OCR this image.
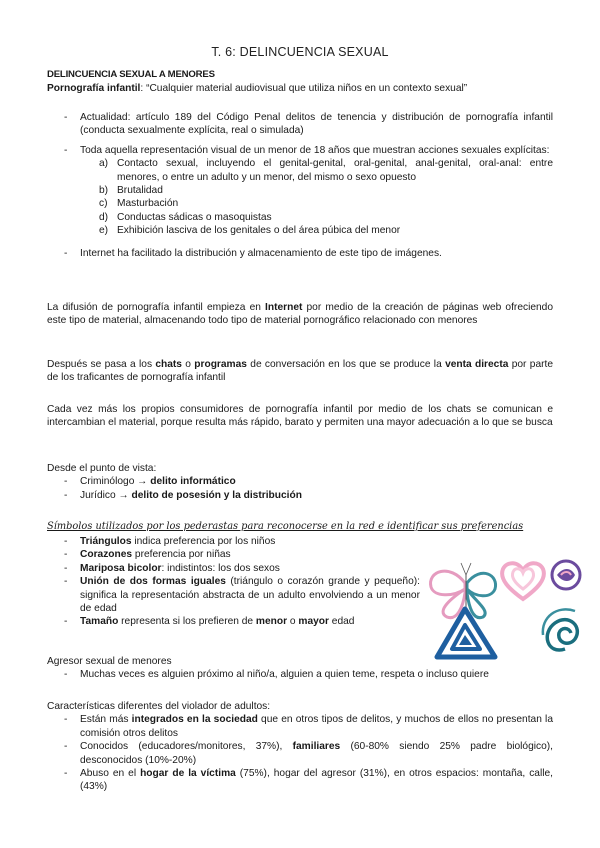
T. 6: DELINCUENCIA SEXUAL
DELINCUENCIA SEXUAL A MENORES
Pornografía infantil: “Cualquier material audiovisual que utiliza niños en un contexto sexual”
- Actualidad: artículo 189 del Código Penal delitos de tenencia y distribución de pornografía infantil (conducta sexualmente explícita, real o simulada)
- Toda aquella representación visual de un menor de 18 años que muestran acciones sexuales explícitas:
a) Contacto sexual, incluyendo el genital-genital, oral-genital, anal-genital, oral-anal: entre menores, o entre un adulto y un menor, del mismo o sexo opuesto
b) Brutalidad
c) Masturbación
d) Conductas sádicas o masoquistas
e) Exhibición lasciva de los genitales o del área púbica del menor
- Internet ha facilitado la distribución y almacenamiento de este tipo de imágenes.
La difusión de pornografía infantil empieza en Internet por medio de la creación de páginas web ofreciendo este tipo de material, almacenando todo tipo de material pornográfico relacionado con menores
Después se pasa a los chats o programas de conversación en los que se produce la venta directa por parte de los traficantes de pornografía infantil
Cada vez más los propios consumidores de pornografía infantil por medio de los chats se comunican e intercambian el material, porque resulta más rápido, barato y permiten una mayor adecuación a lo que se busca
Desde el punto de vista:
- Criminólogo → delito informático
- Jurídico → delito de posesión y la distribución
Símbolos utilizados por los pederastas para reconocerse en la red e identificar sus preferencias
- Triángulos indica preferencia por los niños
- Corazones preferencia por niñas
- Mariposa bicolor: indistintos: los dos sexos
- Unión de dos formas iguales (triángulo o corazón grande y pequeño): significa la representación abstracta de un adulto envolviendo a un menor de edad
- Tamaño representa si los prefieren de menor o mayor edad
Agresor sexual de menores
- Muchas veces es alguien próximo al niño/a, alguien a quien teme, respeta o incluso quiere
Características diferentes del violador de adultos:
- Están más integrados en la sociedad que en otros tipos de delitos, y muchos de ellos no presentan la comisión otros delitos
- Conocidos (educadores/monitores, 37%), familiares (60-80% siendo 25% padre biológico), desconocidos (10%-20%)
- Abuso en el hogar de la víctima (75%), hogar del agresor (31%), en otros espacios: montaña, calle, (43%)
